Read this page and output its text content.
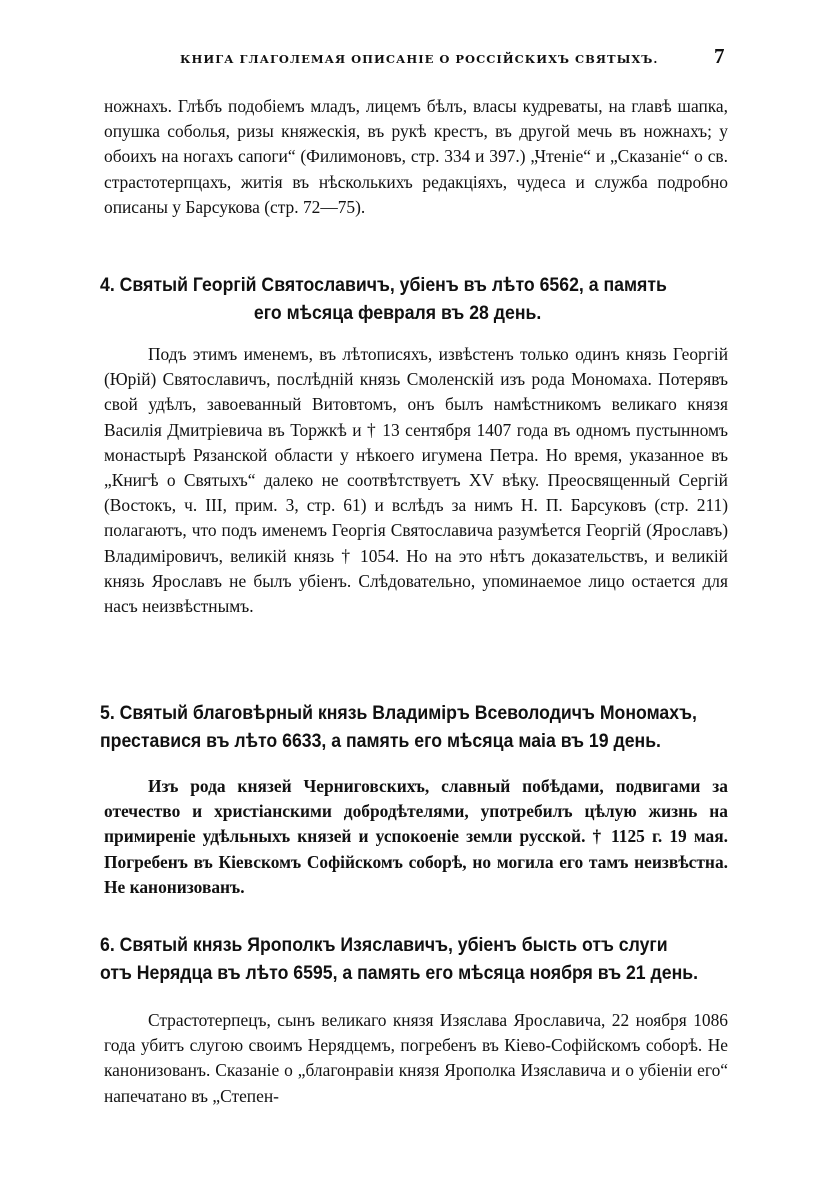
КНИГА ГЛАГОЛЕМАЯ ОПИСАНІЕ О РОССІЙСКИХЪ СВЯТЫХЪ.	7

ножнахъ. Глѣбъ подобіемъ младъ, лицемъ бѣлъ, власы кудреваты, на главѣ шапка, опушка соболья, ризы княжескія, въ рукѣ крестъ, въ другой мечь въ ножнахъ; у обоихъ на ногахъ сапоги“ (Филимоновъ, стр. 334 и 397.) „Чтеніе“ и „Сказаніе“ о св. страстотерпцахъ, житія въ нѣсколькихъ редакціяхъ, чудеса и служба подробно описаны у Барсукова (стр. 72—75).

4. Святый Георгій Святославичъ, убіенъ въ лѣто 6562, а память
его мѣсяца февраля въ 28 день.

Подъ этимъ именемъ, въ лѣтописяхъ, извѣстенъ только одинъ князь Георгій (Юрій) Святославичъ, послѣдній князь Смоленскій изъ рода Мономаха. Потерявъ свой удѣлъ, завоеванный Витовтомъ, онъ былъ намѣстникомъ великаго князя Василія Дмитріевича въ Торжкѣ и † 13 сентября 1407 года въ одномъ пустынномъ монастырѣ Рязанской области у нѣкоего игумена Петра. Но время, указанное въ „Книгѣ о Святыхъ“ далеко не соотвѣтствуетъ XV вѣку. Преосвященный Сергій (Востокъ, ч. III, прим. 3, стр. 61) и вслѣдъ за нимъ Н. П. Барсуковъ (стр. 211) полагаютъ, что подъ именемъ Георгія Святославича разумѣется Георгій (Ярославъ) Владиміровичъ, великій князь † 1054. Но на это нѣтъ доказательствъ, и великій князь Ярославъ не былъ убіенъ. Слѣдовательно, упоминаемое лицо остается для насъ неизвѣстнымъ.

5. Святый благовѣрный князь Владиміръ Всеволодичъ Мономахъ,
преставися въ лѣто 6633, а память его мѣсяца маіа въ 19 день.

Изъ рода князей Черниговскихъ, славный побѣдами, подвигами за отечество и христіанскими добродѣтелями, употребилъ цѣлую жизнь на примиреніе удѣльныхъ князей и успокоеніе земли русской. † 1125 г. 19 мая. Погребенъ въ Кіевскомъ Софійскомъ соборѣ, но могила его тамъ неизвѣстна. Не канонизованъ.

6. Святый князь Ярополкъ Изяславичъ, убіенъ бысть отъ слуги
отъ Нерядца въ лѣто 6595, а память его мѣсяца ноября въ 21 день.

Страстотерпецъ, сынъ великаго князя Изяслава Ярославича, 22 ноября 1086 года убитъ слугою своимъ Нерядцемъ, погребенъ въ Кіево-Софійскомъ соборѣ. Не канонизованъ. Сказаніе о „благонравіи князя Ярополка Изяславича и о убіеніи его“ напечатано въ „Степен-
